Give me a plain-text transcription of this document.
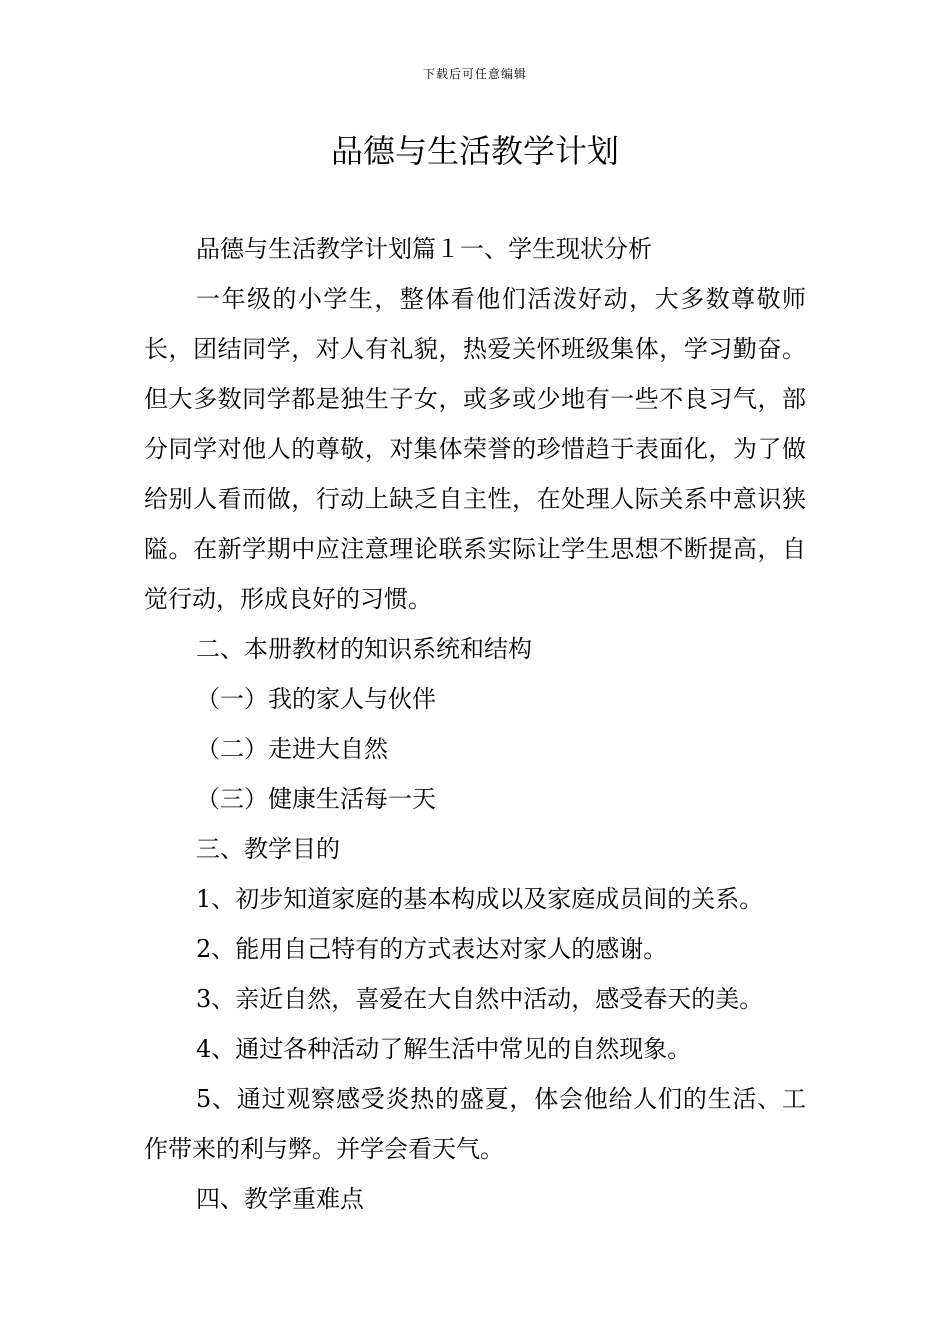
下载后可任意编辑
品德与生活教学计划

品德与生活教学计划篇１一、学生现状分析

一年级的小学生，整体看他们活泼好动，大多数尊敬师长，团结同学，对人有礼貌，热爱关怀班级集体，学习勤奋。但大多数同学都是独生子女，或多或少地有一些不良习气，部分同学对他人的尊敬，对集体荣誉的珍惜趋于表面化，为了做给别人看而做，行动上缺乏自主性，在处理人际关系中意识狭隘。在新学期中应注意理论联系实际让学生思想不断提高，自觉行动，形成良好的习惯。

二、本册教材的知识系统和结构

（一）我的家人与伙伴

（二）走进大自然

（三）健康生活每一天

三、教学目的

1、初步知道家庭的基本构成以及家庭成员间的关系。

2、能用自己特有的方式表达对家人的感谢。

3、亲近自然，喜爱在大自然中活动，感受春天的美。

4、通过各种活动了解生活中常见的自然现象。

5、通过观察感受炎热的盛夏，体会他给人们的生活、工作带来的利与弊。并学会看天气。

四、教学重难点
